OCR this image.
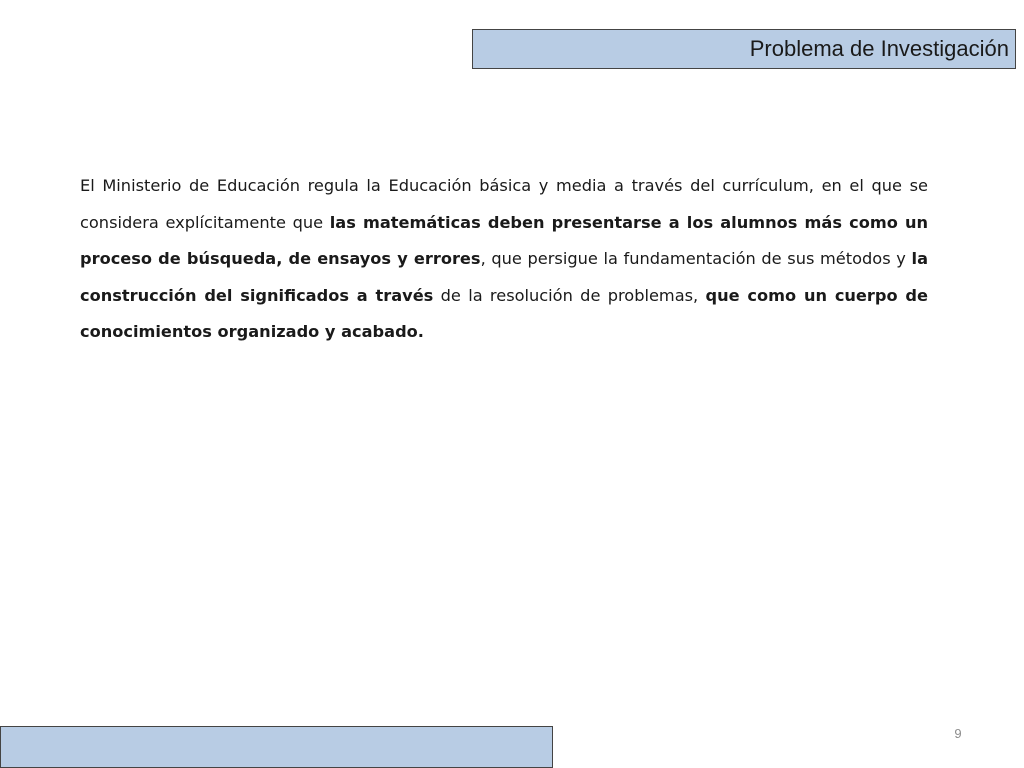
Problema de Investigación

El Ministerio de Educación regula la Educación básica y media a través del currículum, en el que se considera explícitamente que las matemáticas deben presentarse a los alumnos más como un proceso de búsqueda, de ensayos y errores, que persigue la fundamentación de sus métodos y la construcción del significados a través de la resolución de problemas, que como un cuerpo de conocimientos organizado y acabado.

9
